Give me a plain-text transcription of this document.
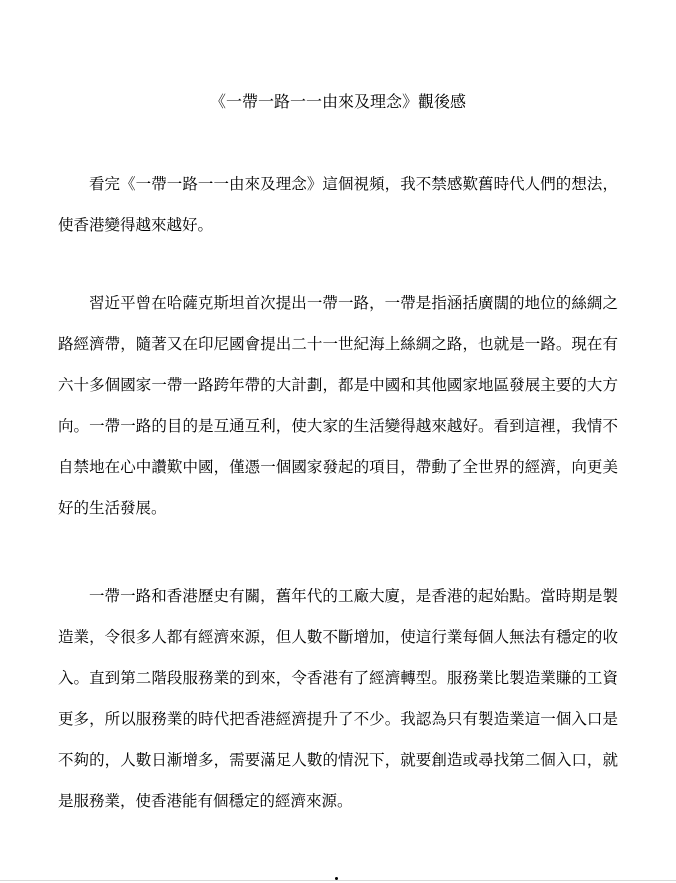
《一帶一路一一由來及理念》觀後感

看完《一帶一路一一由來及理念》這個視頻，我不禁感歎舊時代人們的想法，使香港變得越來越好。

習近平曾在哈薩克斯坦首次提出一帶一路，一帶是指涵括廣闊的地位的絲綢之路經濟帶，隨著又在印尼國會提出二十一世紀海上絲綢之路，也就是一路。現在有六十多個國家一帶一路跨年帶的大計劃，都是中國和其他國家地區發展主要的大方向。一帶一路的目的是互通互利，使大家的生活變得越來越好。看到這裡，我情不自禁地在心中讚歎中國，僅憑一個國家發起的項目，帶動了全世界的經濟，向更美好的生活發展。

一帶一路和香港歷史有關，舊年代的工廠大廈，是香港的起始點。當時期是製造業，令很多人都有經濟來源，但人數不斷增加，使這行業每個人無法有穩定的收入。直到第二階段服務業的到來，令香港有了經濟轉型。服務業比製造業賺的工資更多，所以服務業的時代把香港經濟提升了不少。我認為只有製造業這一個入口是不夠的，人數日漸增多，需要滿足人數的情況下，就要創造或尋找第二個入口，就是服務業，使香港能有個穩定的經濟來源。
